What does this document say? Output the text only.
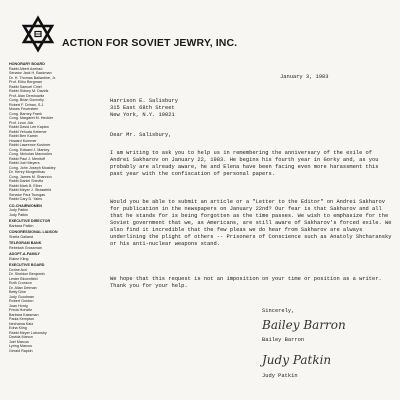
ACTION FOR SOVIET JEWRY, INC.
HONORARY BOARD
Rabbi Albert Axelrad
Senator Jack H. Backman
Dr. H. Thomas Ballantine, Jr.
Prof. Elihu Bergman
Rabbi Samuel Chiel
Rabbi Sidney M. Davids
Prof. Alan Dershowitz
Cong. Brian Donnelly
Robert F. Drinan, S.J.
Moses Feuerstein
Cong. Barney Frank
Cong. Margaret M. Heckler
Prof. Leon Jick
Rabbi David Lee Kaplan
Rabbi Yehuda Kelemer
Rabbi Ben Kamin
Howard Kummer
Rabbi Lawrence Kushner
Cong. Edward J. Markey
Cong. Nicholas Mavroules
Rabbi Paul J. Menitoff
Rabbi Joel Meyers
Cong. John Joseph Moakley
Dr. Henry Morgenthau
Cong. James M. Shannon
Rabbi Daniel Shevitz
Rabbi Mark B. Elber
Rabbi Meyer J. Strassfeld
Senator Paul Tsongas
Rabbi Cary D. Yales
CO-CHAIRWOMEN
Judy Patkin
Judy Patkin
EXECUTIVE DIRECTOR
Barbara Patkin
CONGRESSIONAL LIAISON
Sheila Galland
TELEGRAM BANK
Rebekah Grossman
ADOPT-A-FAMILY
Elaine Kling
EXECUTIVE BOARD
Dorine Acri
Dr. Sheldon Benjamin
Lester Bloomfield
Ruth Cronson
Dr. Allan Detman
Betty Dine
Judy Goodman
Robert Gordon
Joan Honig
Freda Horwitz
Barbara Kassman
Paula Kempton
Nechama Katz
Edna Kling
Rabbi Meyer Lubonsky
Davida Manon
Joel Marcus
Lyring Marcus
Gerald Rapkin
January 3, 1983
Harrison E. Salisbury
315 East 68th Street
New York, N.Y. 10021
Dear Mr. Salisbury,
I am writing to ask you to help us in remembering the anniversary of the exile of Andrei Sakharov on January 22, 1983. He begins his fourth year in Gorky and, as you probably are already aware, he and Elena have been facing even more harassment this past year with the confiscation of personal papers.
Would you be able to submit an article or a "Letter to the Editor" on Andrei Sakharov for publication in the newspapers on January 22nd? Our fear is that Sakharov and all that he stands for is being forgotten as the time passes. We wish to emphasize for the Soviet government that we, as Americans, are still aware of Sakharov's forced exile. We also find it incredible that the few pleas we do hear from Sakharov are always underlining the plight of others -- Prisoners of Conscience such as Anatoly Shcharansky or his anti-nuclear weapons stand.
We hope that this request is not an imposition on your time or position as a writer. Thank you for your help.
Sincerely,
Bailey Barron
Bailey Barron
Judy Patkin
Judy Patkin
